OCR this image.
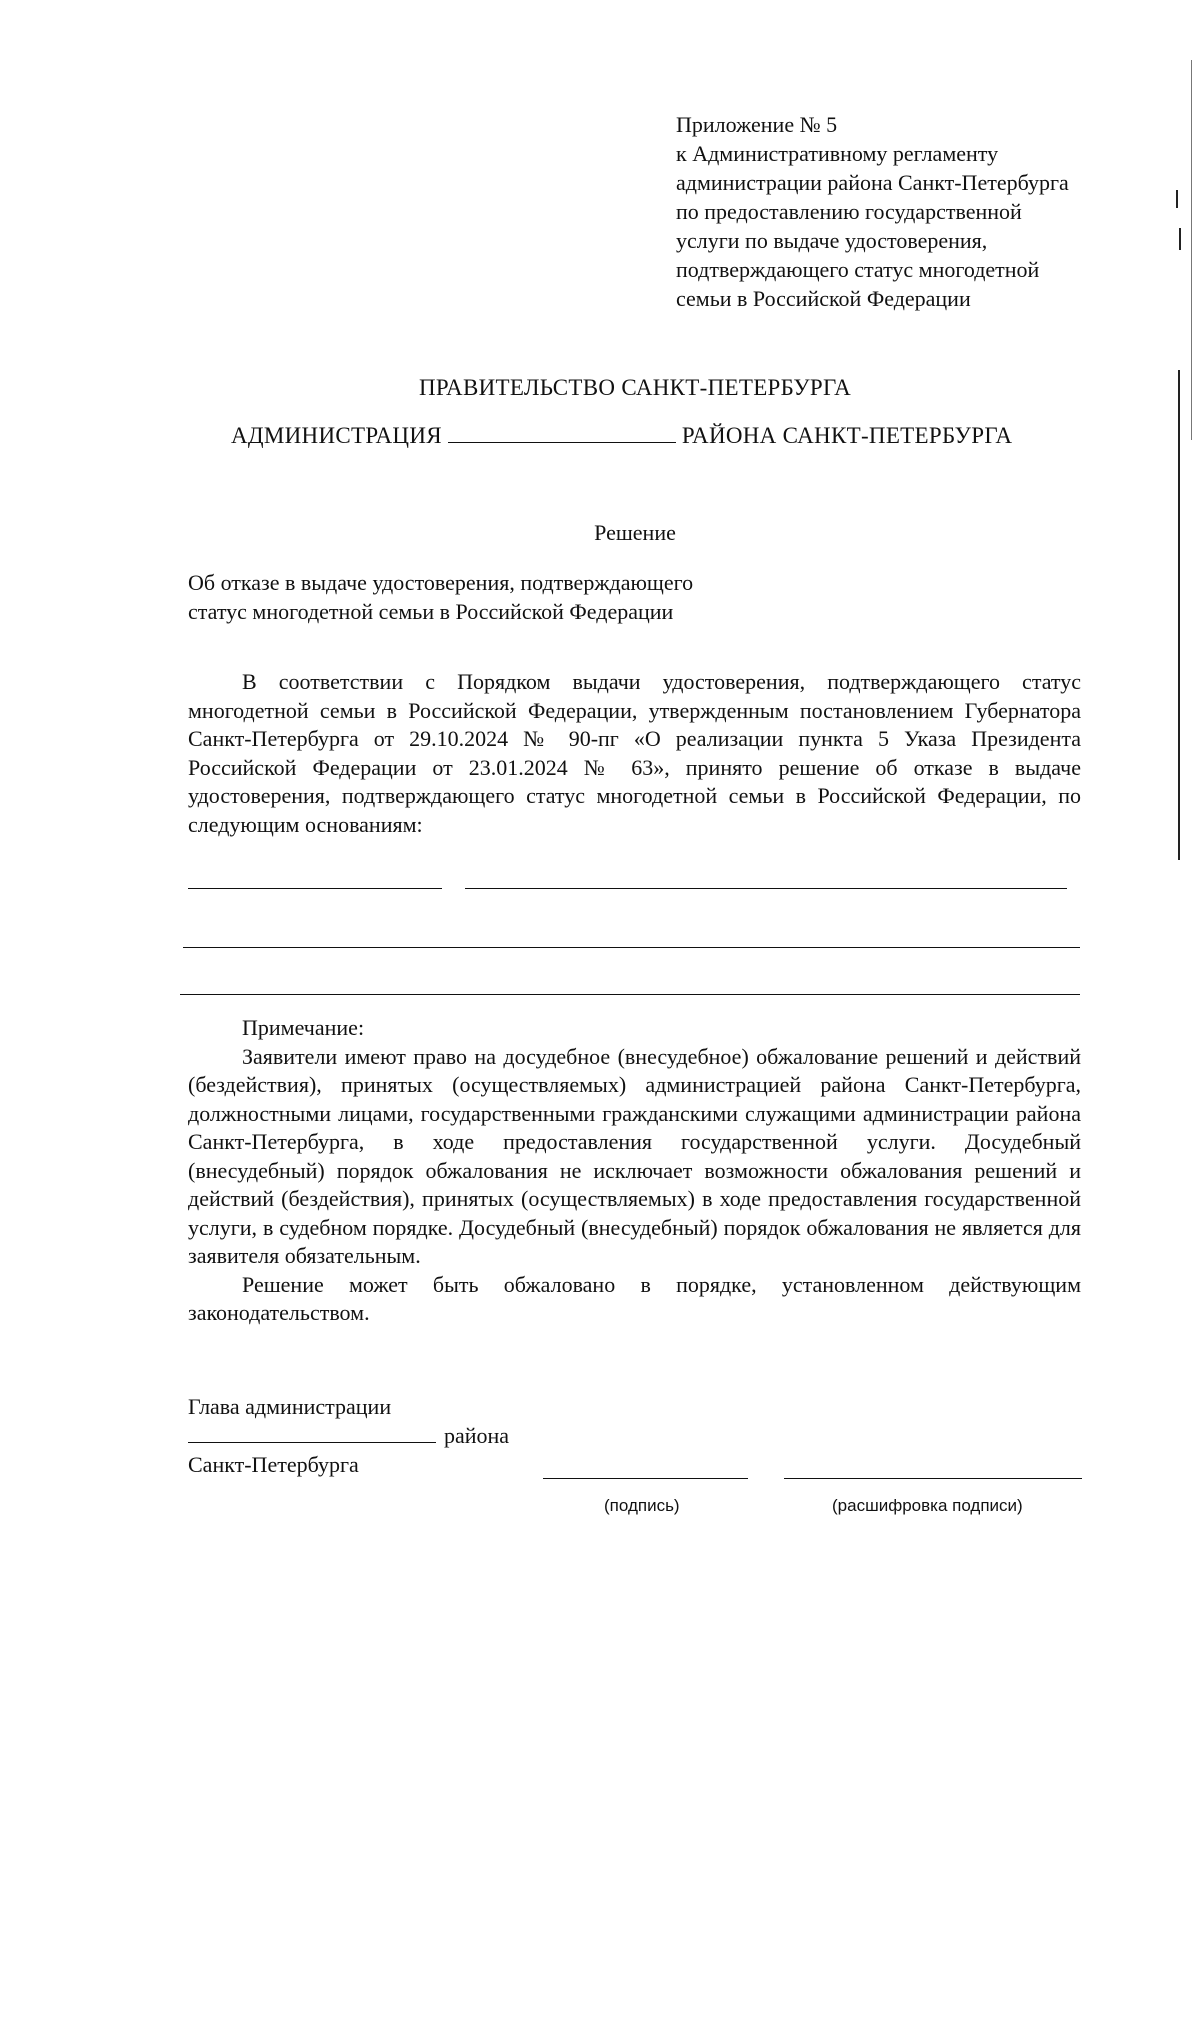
Приложение № 5
к Административному регламенту
администрации района Санкт-Петербурга
по предоставлению государственной
услуги по выдаче удостоверения,
подтверждающего статус многодетной
семьи в Российской Федерации
ПРАВИТЕЛЬСТВО САНКТ-ПЕТЕРБУРГА
АДМИНИСТРАЦИЯ	РАЙОНА САНКТ-ПЕТЕРБУРГА
Решение
Об отказе в выдаче удостоверения, подтверждающего
статус многодетной семьи в Российской Федерации

В соответствии с Порядком выдачи удостоверения, подтверждающего статус многодетной семьи в Российской Федерации, утвержденным постановлением Губернатора Санкт-Петербурга от 29.10.2024 № 90-пг «О реализации пункта 5 Указа Президента Российской Федерации от 23.01.2024 № 63», принято решение об отказе в выдаче удостоверения, подтверждающего статус многодетной семьи в Российской Федерации, по следующим основаниям:

Примечание:

Заявители имеют право на досудебное (внесудебное) обжалование решений и действий (бездействия), принятых (осуществляемых) администрацией района Санкт-Петербурга, должностными лицами, государственными гражданскими служащими администрации района Санкт-Петербурга, в ходе предоставления государственной услуги. Досудебный (внесудебный) порядок обжалования не исключает возможности обжалования решений и действий (бездействия), принятых (осуществляемых) в ходе предоставления государственной услуги, в судебном порядке. Досудебный (внесудебный) порядок обжалования не является для заявителя обязательным.

Решение может быть обжаловано в порядке, установленном действующим законодательством.

Глава администрации
района
Санкт-Петербурга
(подпись)	(расшифровка подписи)
